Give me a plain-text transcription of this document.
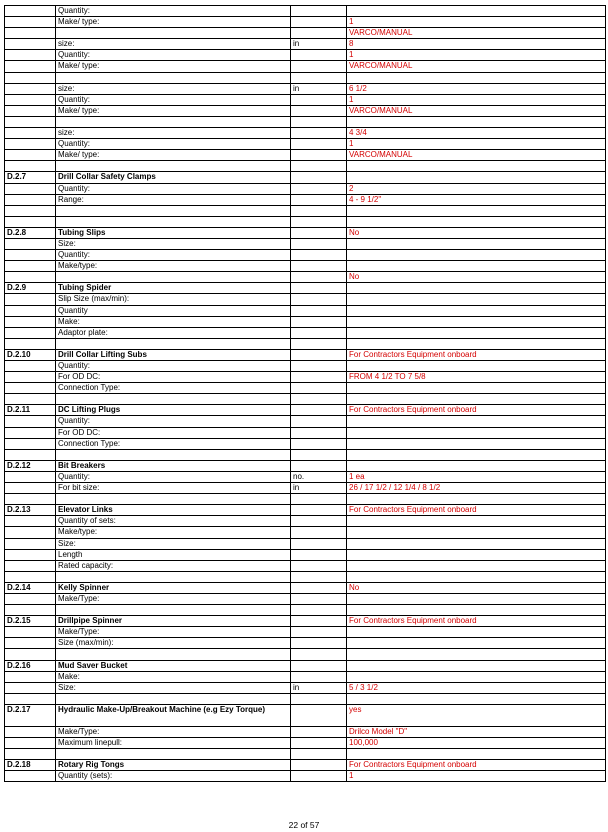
	Quantity:		
	Make/ type:		1
			VARCO/MANUAL
	size:	in	8
	Quantity:		1
	Make/ type:		VARCO/MANUAL

	size:	in	6 1/2
	Quantity:		1
	Make/ type:		VARCO/MANUAL

	size:		4 3/4
	Quantity:		1
	Make/ type:		VARCO/MANUAL

D.2.7	Drill Collar Safety Clamps		
	Quantity:		2
	Range:		4 - 9 1/2"

D.2.8	Tubing Slips		No
	Size:		
	Quantity:		
	Make/type:		
			No
D.2.9	Tubing Spider		
	Slip Size (max/min):		
	Quantity		
	Make:		
	Adaptor plate:		

D.2.10	Drill Collar Lifting Subs		For Contractors Equipment onboard
	Quantity:		
	For OD DC:		FROM 4 1/2 TO 7 5/8
	Connection Type:		

D.2.11	DC Lifting Plugs		For Contractors Equipment onboard
	Quantity:		
	For OD DC:		
	Connection Type:		

D.2.12	Bit Breakers		
	Quantity:	no.	1 ea
	For bit size:	in	26 / 17 1/2 / 12 1/4 / 8 1/2

D.2.13	Elevator Links		For Contractors Equipment onboard
	Quantity of sets:		
	Make/type:		
	Size:		
	Length		
	Rated capacity:		

D.2.14	Kelly Spinner		No
	Make/Type:		

D.2.15	Drillpipe Spinner		For Contractors Equipment onboard
	Make/Type:		
	Size (max/min):		

D.2.16	Mud Saver Bucket		
	Make:		
	Size:	in	5 / 3 1/2

D.2.17	Hydraulic Make-Up/Breakout Machine (e.g Ezy Torque)		yes
	Make/Type:		Drilco Model "D"
	Maximum linepull:		100,000

D.2.18	Rotary Rig Tongs		For Contractors Equipment onboard
	Quantity (sets):		1
22 of 57
